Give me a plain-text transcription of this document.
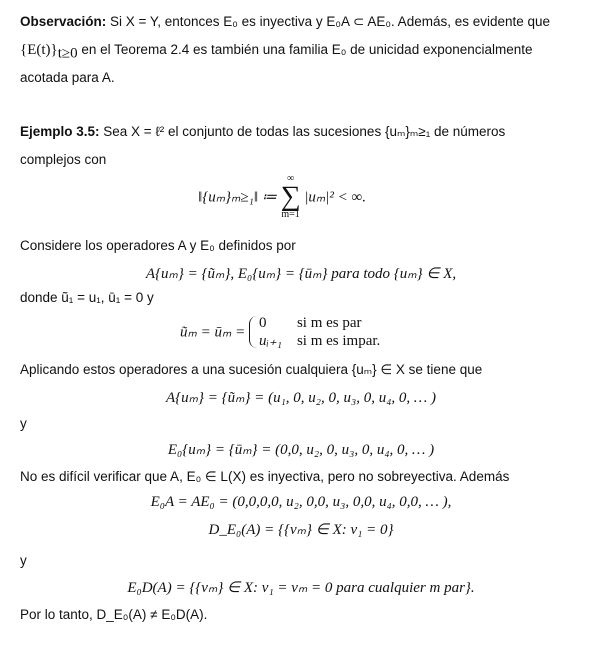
Observación: Si X = Y, entonces E₀ es inyectiva y E₀A ⊂ AE₀. Además, es evidente que
$\{E(t)\}_{t\ge 0}$ en el Teorema 2.4 es también una familia E₀ de unicidad exponencialmente
acotada para A.
Ejemplo 3.5: Sea X = ℓ² el conjunto de todas las sucesiones {uₘ}ₘ≥₁ de números
complejos con
‖{uₘ}ₘ≥₁‖ ≔
∞
∑
m=1
|uₘ|² < ∞.
Considere los operadores A y E₀ definidos por
A{uₘ} = {ũₘ}, E₀{uₘ} = {ūₘ} para todo {uₘ} ∈ X,
donde ũ₁ = u₁, ū₁ = 0 y
ũₘ = ūₘ =
0 si m es par
uᵢ₊₁ si m es impar.
Aplicando estos operadores a una sucesión cualquiera {uₘ} ∈ X se tiene que
A{uₘ} = {ũₘ} = (u₁, 0, u₂, 0, u₃, 0, u₄, 0, … )
y
E₀{uₘ} = {ūₘ} = (0,0, u₂, 0, u₃, 0, u₄, 0, … )
No es difícil verificar que A, E₀ ∈ L(X) es inyectiva, pero no sobreyectiva. Además
E₀A = AE₀ = (0,0,0,0, u₂, 0,0, u₃, 0,0, u₄, 0,0, … ),
D_E₀(A) = {{vₘ} ∈ X: v₁ = 0}
y
E₀D(A) = {{vₘ} ∈ X: v₁ = vₘ = 0 para cualquier m par}.
Por lo tanto, D_E₀(A) ≠ E₀D(A).
